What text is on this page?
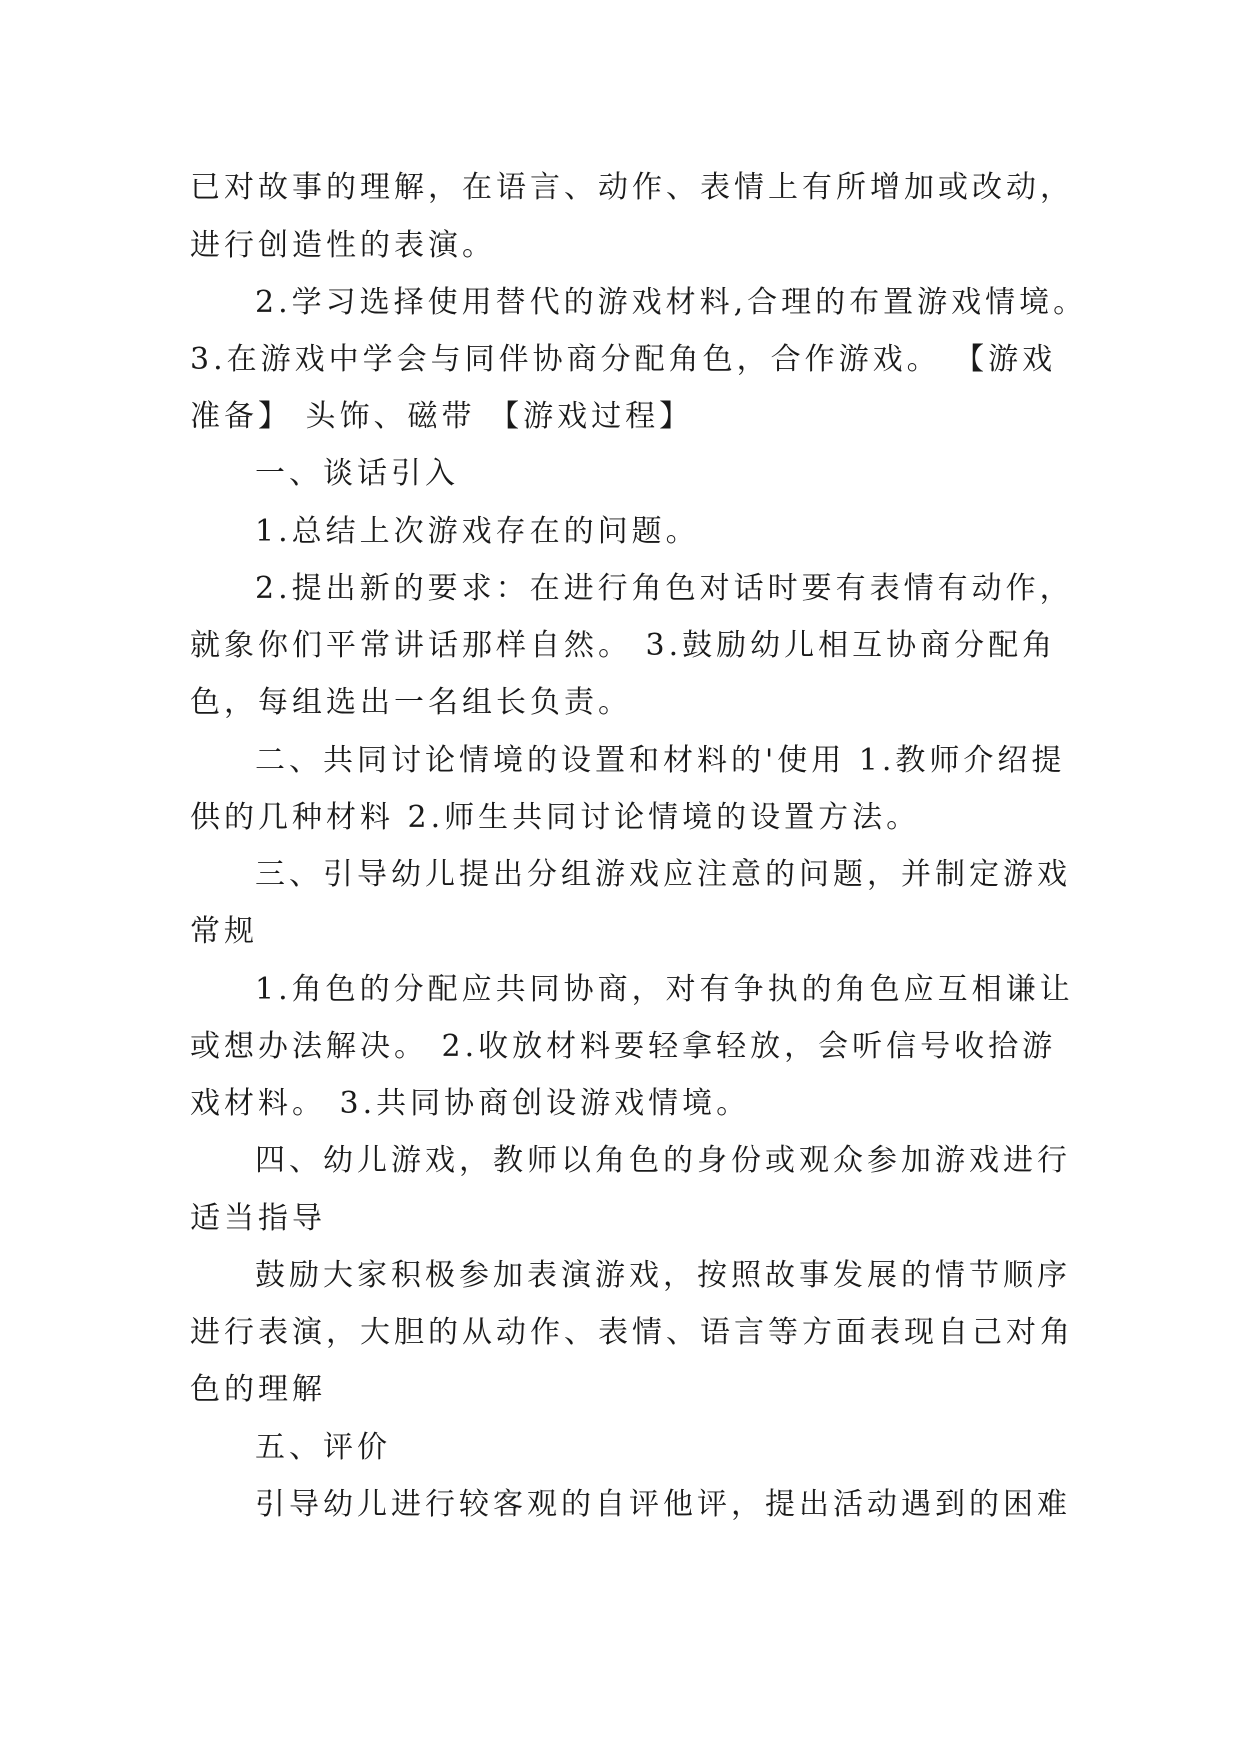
已对故事的理解，在语言、动作、表情上有所增加或改动，
进行创造性的表演。
2.学习选择使用替代的游戏材料,合理的布置游戏情境。
3.在游戏中学会与同伴协商分配角色，合作游戏。 【游戏
准备】 头饰、磁带 【游戏过程】
一、谈话引入
1.总结上次游戏存在的问题。
2.提出新的要求：在进行角色对话时要有表情有动作，
就象你们平常讲话那样自然。 3.鼓励幼儿相互协商分配角
色，每组选出一名组长负责。
二、共同讨论情境的设置和材料的'使用 1.教师介绍提
供的几种材料 2.师生共同讨论情境的设置方法。
三、引导幼儿提出分组游戏应注意的问题，并制定游戏
常规
1.角色的分配应共同协商，对有争执的角色应互相谦让
或想办法解决。 2.收放材料要轻拿轻放，会听信号收拾游
戏材料。 3.共同协商创设游戏情境。
四、幼儿游戏，教师以角色的身份或观众参加游戏进行
适当指导
鼓励大家积极参加表演游戏，按照故事发展的情节顺序
进行表演，大胆的从动作、表情、语言等方面表现自己对角
色的理解
五、评价
引导幼儿进行较客观的自评他评，提出活动遇到的困难
